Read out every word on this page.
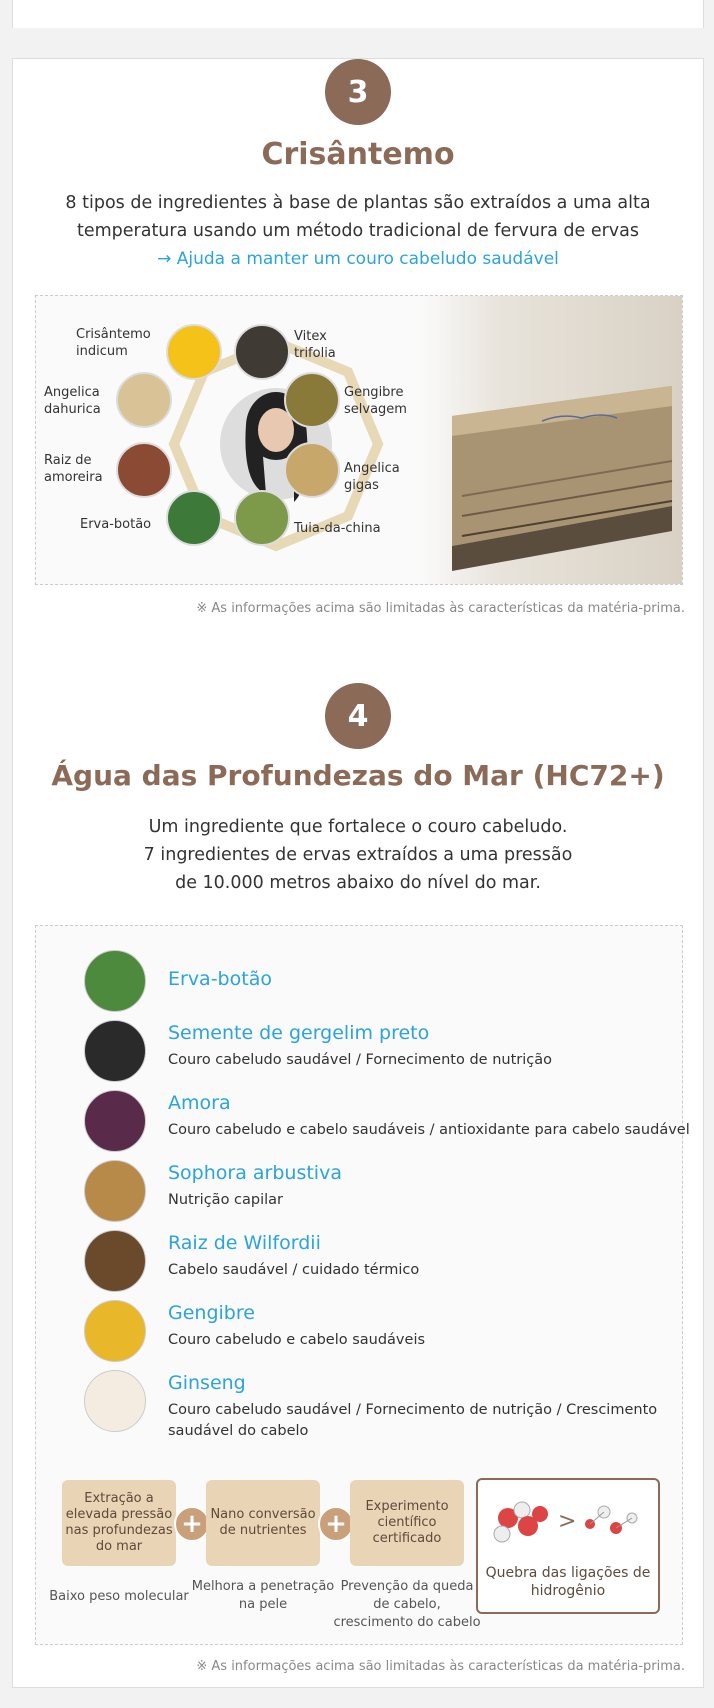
3
Crisântemo
8 tipos de ingredientes à base de plantas são extraídos a uma alta
temperatura usando um método tradicional de fervura de ervas
→ Ajuda a manter um couro cabeludo saudável
Crisântemo
indicum
Vitex
trifolia
Angelica
dahurica
Gengibre
selvagem
Raiz de
amoreira
Angelica
gigas
Erva-botão	Tuia-da-china
※ As informações acima são limitadas às características da matéria-prima.
4
Água das Profundezas do Mar (HC72+)
Um ingrediente que fortalece o couro cabeludo.
7 ingredientes de ervas extraídos a uma pressão
de 10.000 metros abaixo do nível do mar.
Erva-botão
Semente de gergelim preto
Couro cabeludo saudável / Fornecimento de nutrição
Amora
Couro cabeludo e cabelo saudáveis / antioxidante para cabelo saudável
Sophora arbustiva
Nutrição capilar
Raiz de Wilfordii
Cabelo saudável / cuidado térmico
Gengibre
Couro cabeludo e cabelo saudáveis
Ginseng
Couro cabeludo saudável / Fornecimento de nutrição / Crescimento saudável do cabelo
Extração a elevada pressão nas profundezas do mar
+ Nano conversão de nutrientes +
Experimento científico certificado
>
Quebra das ligações de hidrogênio
Baixo peso molecular
Melhora a penetração na pele
Prevenção da queda de cabelo, crescimento do cabelo
※ As informações acima são limitadas às características da matéria-prima.
